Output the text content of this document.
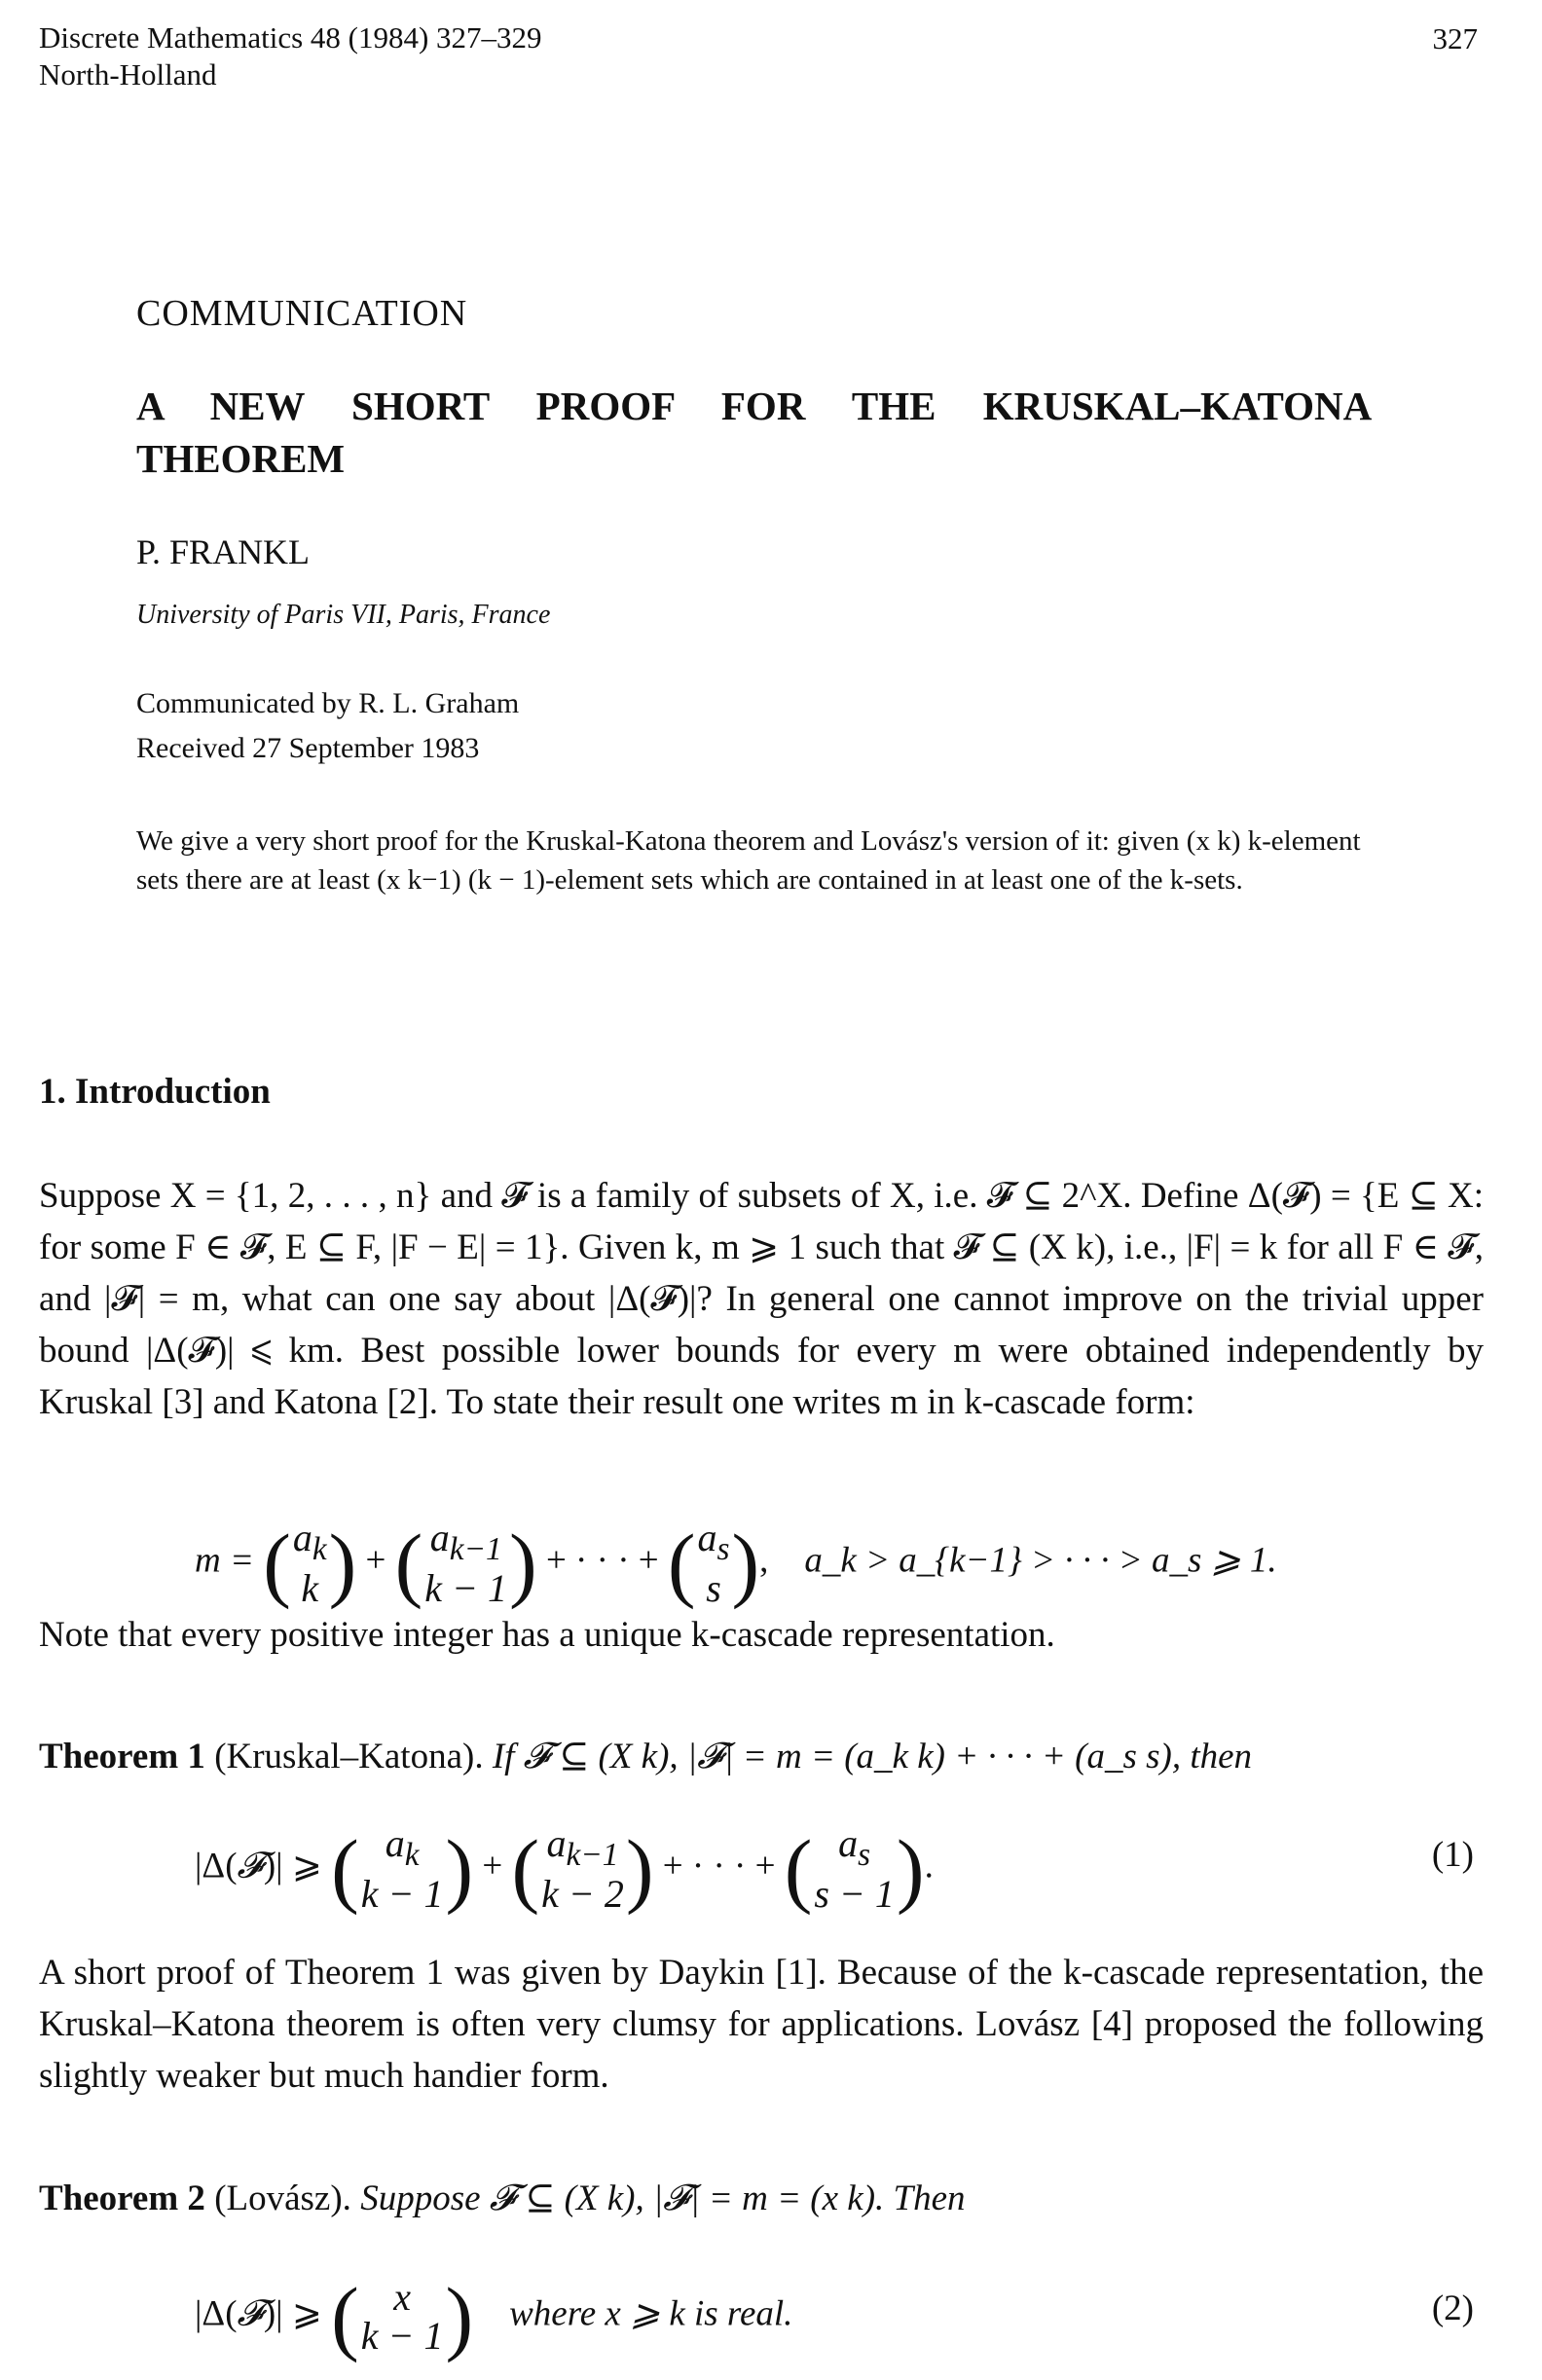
Discrete Mathematics 48 (1984) 327–329
North-Holland
327
COMMUNICATION
A NEW SHORT PROOF FOR THE KRUSKAL–KATONA
THEOREM
P. FRANKL
University of Paris VII, Paris, France
Communicated by R. L. Graham
Received 27 September 1983
We give a very short proof for the Kruskal-Katona theorem and Lovász's version of it: given (x k) k-element sets there are at least (x k−1) (k − 1)-element sets which are contained in at least one of the k-sets.
1. Introduction
Suppose X = {1, 2, . . . , n} and 𝓕 is a family of subsets of X, i.e. 𝓕 ⊆ 2^X. Define Δ(𝓕) = {E ⊆ X: for some F ∈ 𝓕, E ⊆ F, |F − E| = 1}. Given k, m ⩾ 1 such that 𝓕 ⊆ (X k), i.e., |F| = k for all F ∈ 𝓕, and |𝓕| = m, what can one say about |Δ(𝓕)|? In general one cannot improve on the trivial upper bound |Δ(𝓕)| ⩽ km. Best possible lower bounds for every m were obtained independently by Kruskal [3] and Katona [2]. To state their result one writes m in k-cascade form:
m = ( $a_k$
k ) + ( $a_{k-1}$
k − 1 ) + · · · + ( $a_s$
s ),    a_k > a_{k−1} > · · · > a_s ⩾ 1.
Note that every positive integer has a unique k-cascade representation.
Theorem 1 (Kruskal–Katona). If 𝓕 ⊆ (X k), |𝓕| = m = (a_k k) + · · · + (a_s s), then
|Δ(𝓕)| ⩾ ( $a_k$
k − 1 ) + ( $a_{k-1}$
k − 2 ) + · · · + ( $a_s$
s − 1 ).	(1)
A short proof of Theorem 1 was given by Daykin [1]. Because of the k-cascade representation, the Kruskal–Katona theorem is often very clumsy for applications. Lovász [4] proposed the following slightly weaker but much handier form.
Theorem 2 (Lovász). Suppose 𝓕 ⊆ (X k), |𝓕| = m = (x k). Then
|Δ(𝓕)| ⩾ ( x
k − 1 ) where x ⩾ k is real.	(2)
